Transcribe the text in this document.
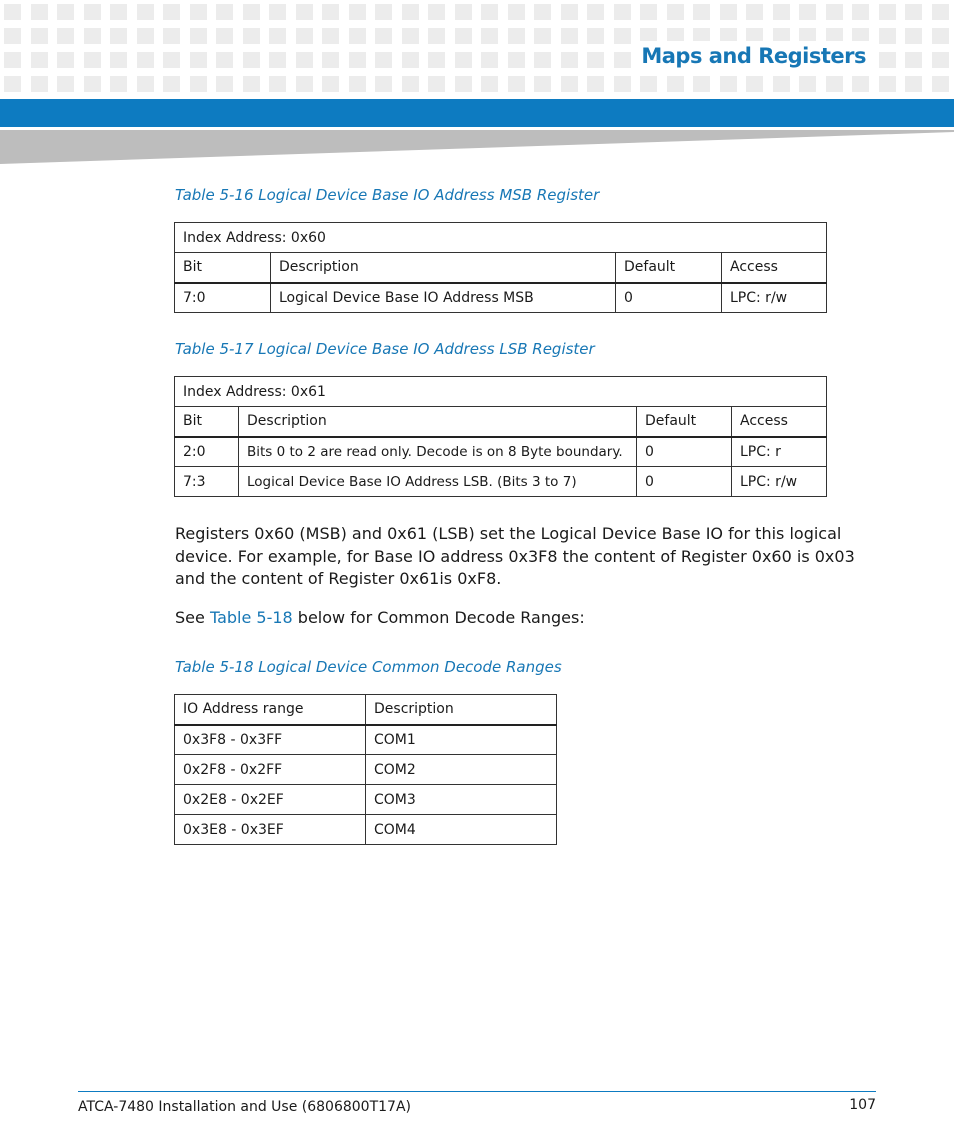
Maps and Registers
Table 5-16 Logical Device Base IO Address MSB Register
Index Address: 0x60			
Bit	Description	Default	Access
7:0	Logical Device Base IO Address MSB	0	LPC: r/w
Table 5-17 Logical Device Base IO Address LSB Register
Index Address: 0x61			
Bit	Description	Default	Access
2:0	Bits 0 to 2 are read only. Decode is on 8 Byte boundary.	0	LPC: r
7:3	Logical Device Base IO Address LSB. (Bits 3 to 7)	0	LPC: r/w

Registers 0x60 (MSB) and 0x61 (LSB) set the Logical Device Base IO for this logical device. For example, for Base IO address 0x3F8 the content of Register 0x60 is 0x03 and the content of Register 0x61is 0xF8.

See Table 5-18 below for Common Decode Ranges:

Table 5-18 Logical Device Common Decode Ranges
IO Address range	Description
0x3F8 - 0x3FF	COM1
0x2F8 - 0x2FF	COM2
0x2E8 - 0x2EF	COM3
0x3E8 - 0x3EF	COM4
ATCA-7480 Installation and Use (6806800T17A)	107
